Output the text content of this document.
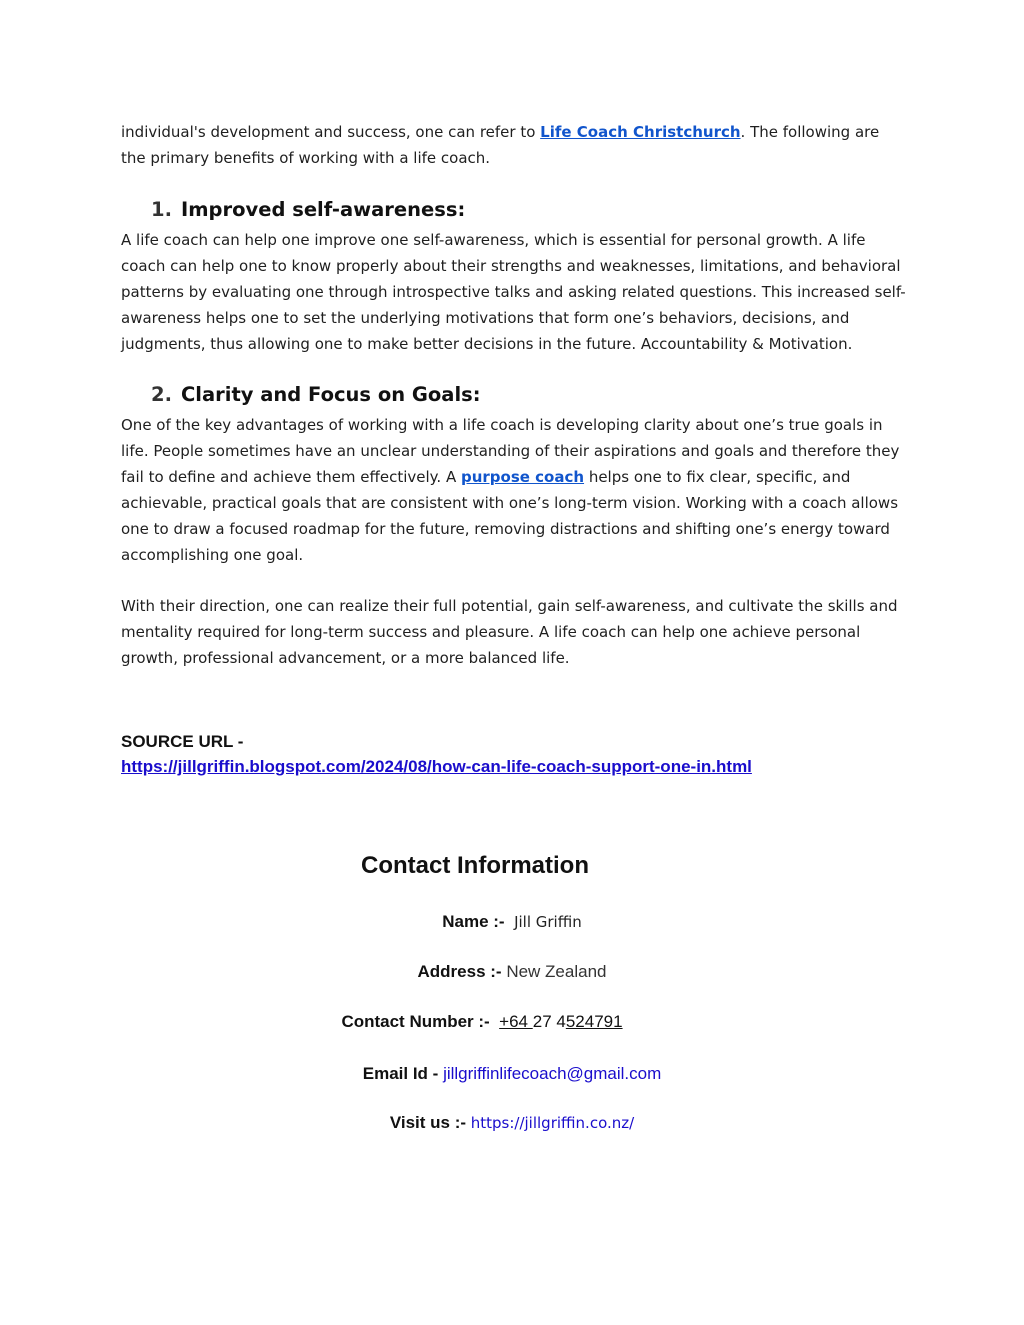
individual's development and success, one can refer to Life Coach Christchurch. The following are the primary benefits of working with a life coach.

1. Improved self-awareness:

A life coach can help one improve one self-awareness, which is essential for personal growth. A life coach can help one to know properly about their strengths and weaknesses, limitations, and behavioral patterns by evaluating one through introspective talks and asking related questions. This increased self-awareness helps one to set the underlying motivations that form one’s behaviors, decisions, and judgments, thus allowing one to make better decisions in the future. Accountability & Motivation.

2. Clarity and Focus on Goals:

One of the key advantages of working with a life coach is developing clarity about one’s true goals in life. People sometimes have an unclear understanding of their aspirations and goals and therefore they fail to define and achieve them effectively. A purpose coach helps one to fix clear, specific, and achievable, practical goals that are consistent with one’s long-term vision. Working with a coach allows one to draw a focused roadmap for the future, removing distractions and shifting one’s energy toward accomplishing one goal.

With their direction, one can realize their full potential, gain self-awareness, and cultivate the skills and mentality required for long-term success and pleasure. A life coach can help one achieve personal growth, professional advancement, or a more balanced life.

SOURCE URL -
https://jillgriffin.blogspot.com/2024/08/how-can-life-coach-support-one-in.html
Contact Information
Name :- Jill Griffin
Address :- New Zealand
Contact Number :- +64 27 4524791
Email Id - jillgriffinlifecoach@gmail.com
Visit us :- https://jillgriffin.co.nz/
